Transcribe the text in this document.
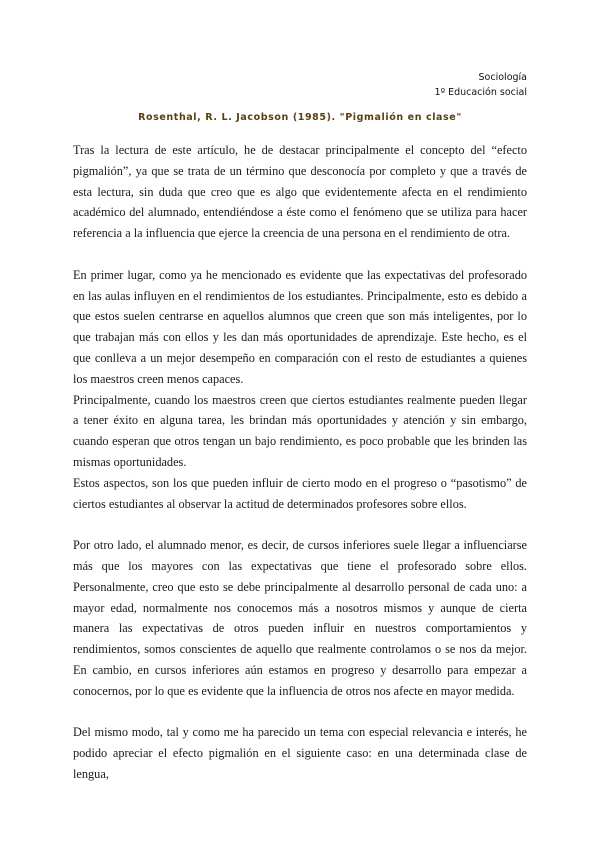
Sociología
1º Educación social
Rosenthal, R. L. Jacobson (1985). "Pigmalión en clase"

Tras la lectura de este artículo, he de destacar principalmente el concepto del “efecto pigmalión”, ya que se trata de un término que desconocía por completo y que a través de esta lectura, sin duda que creo que es algo que evidentemente afecta en el rendimiento académico del alumnado, entendiéndose a éste como el fenómeno que se utiliza para hacer referencia a la influencia que ejerce la creencia de una persona en el rendimiento de otra.

En primer lugar, como ya he mencionado es evidente que las expectativas del profesorado en las aulas influyen en el rendimientos de los estudiantes. Principalmente, esto es debido a que estos suelen centrarse en aquellos alumnos que creen que son más inteligentes, por lo que trabajan más con ellos y les dan más oportunidades de aprendizaje. Este hecho, es el que conlleva a un mejor desempeño en comparación con el resto de estudiantes a quienes los maestros creen menos capaces.

Principalmente, cuando los maestros creen que ciertos estudiantes realmente pueden llegar a tener éxito en alguna tarea, les brindan más oportunidades y atención y sin embargo, cuando esperan que otros tengan un bajo rendimiento, es poco probable que les brinden las mismas oportunidades.

Estos aspectos, son los que pueden influir de cierto modo en el progreso o “pasotismo” de ciertos estudiantes al observar la actitud de determinados profesores sobre ellos.

Por otro lado, el alumnado menor, es decir, de cursos inferiores suele llegar a influenciarse más que los mayores con las expectativas que tiene el profesorado sobre ellos. Personalmente, creo que esto se debe principalmente al desarrollo personal de cada uno: a mayor edad, normalmente nos conocemos más a nosotros mismos y aunque de cierta manera las expectativas de otros pueden influir en nuestros comportamientos y rendimientos, somos conscientes de aquello que realmente controlamos o se nos da mejor. En cambio, en cursos inferiores aún estamos en progreso y desarrollo para empezar a conocernos, por lo que es evidente que la influencia de otros nos afecte en mayor medida.

Del mismo modo, tal y como me ha parecido un tema con especial relevancia e interés, he podido apreciar el efecto pigmalión en el siguiente caso: en una determinada clase de lengua,
